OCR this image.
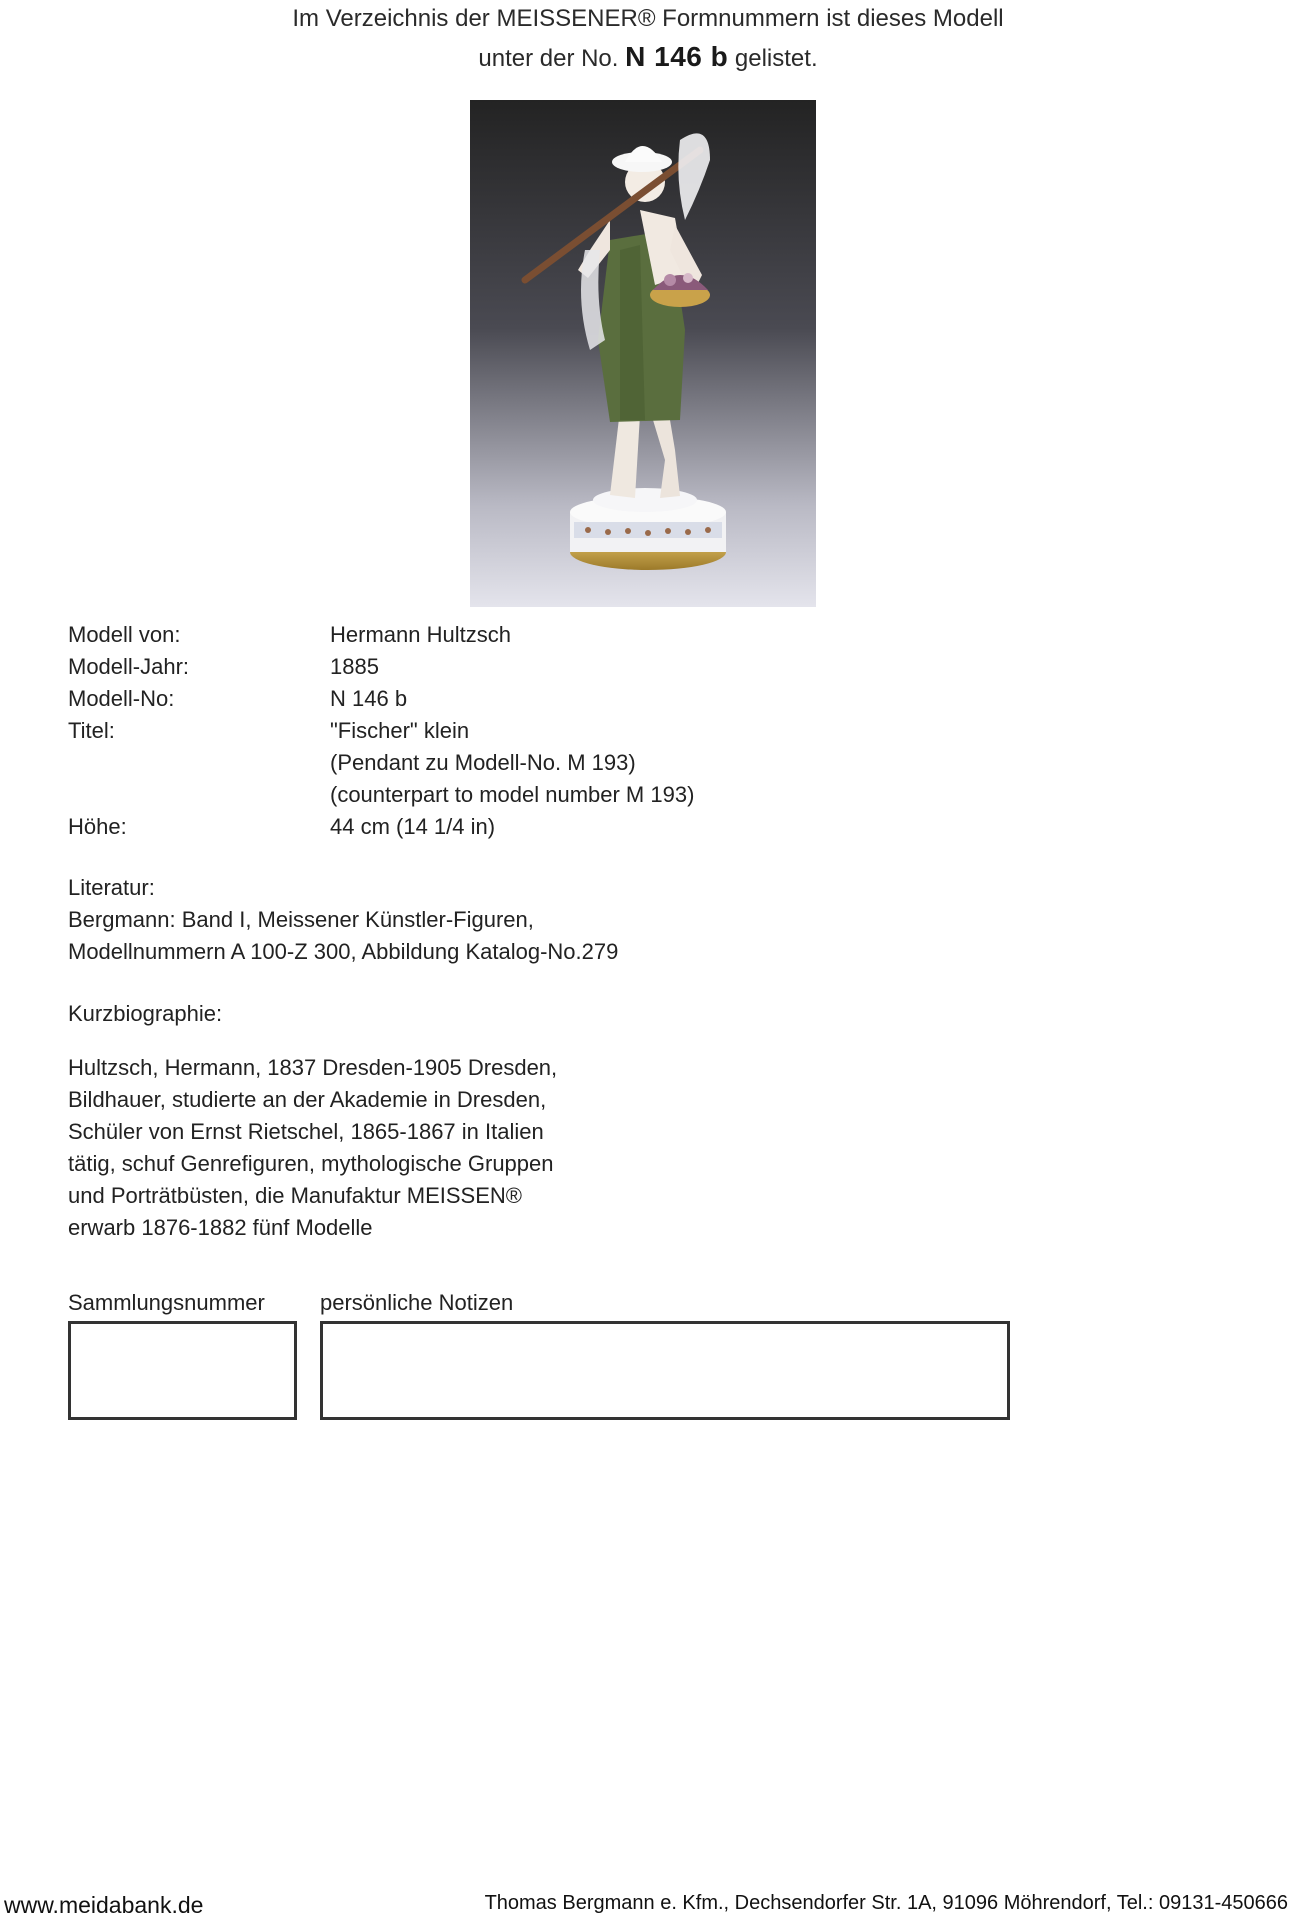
Im Verzeichnis der MEISSENER® Formnummern ist dieses Modell
unter der No. N 146 b gelistet.
Modell von:	Hermann Hultzsch
Modell-Jahr:	1885
Modell-No:	N 146 b
Titel:	"Fischer" klein
(Pendant zu Modell-No. M 193)
(counterpart to model number M 193)
Höhe:	44 cm (14 1/4 in)
Literatur:
Bergmann: Band I, Meissener Künstler-Figuren,
Modellnummern A 100-Z 300, Abbildung Katalog-No.279
Kurzbiographie:
Hultzsch, Hermann, 1837 Dresden-1905 Dresden,
Bildhauer, studierte an der Akademie in Dresden,
Schüler von Ernst Rietschel, 1865-1867 in Italien
tätig, schuf Genrefiguren, mythologische Gruppen
und Porträtbüsten, die Manufaktur MEISSEN®
erwarb 1876-1882 fünf Modelle
Sammlungsnummer	persönliche Notizen
www.meidabank.de	Thomas Bergmann e. Kfm., Dechsendorfer Str. 1A, 91096 Möhrendorf, Tel.: 09131-450666
